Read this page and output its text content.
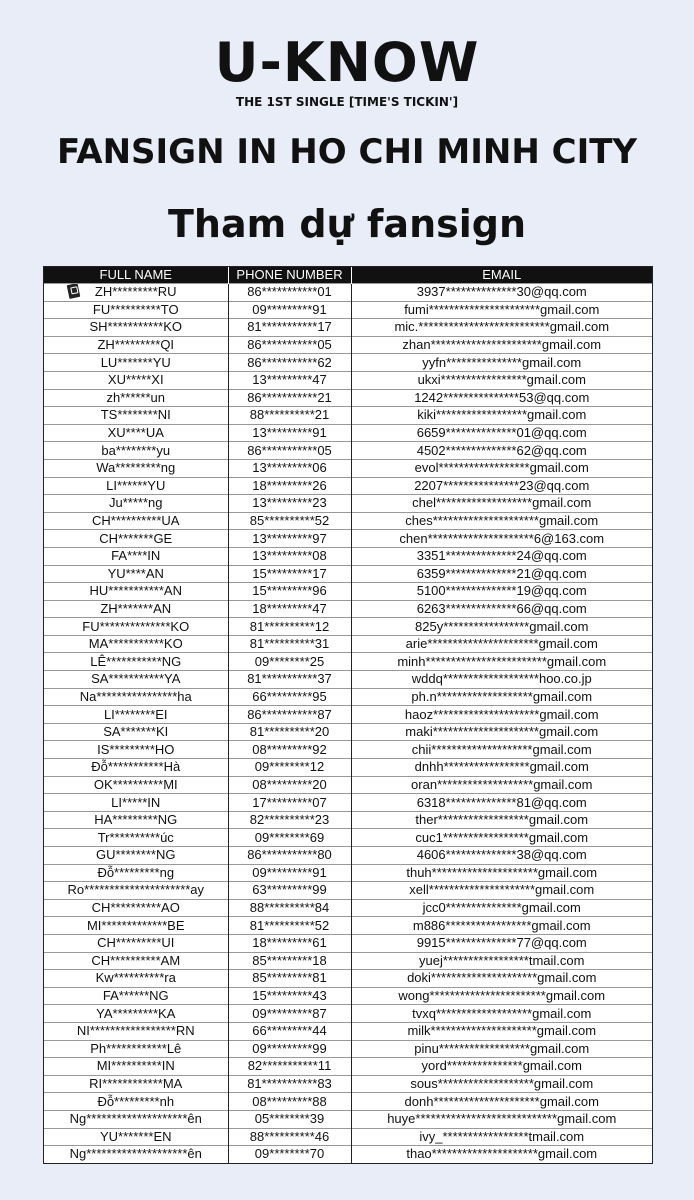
U-KNOW
THE 1ST SINGLE [TIME'S TICKIN']
FANSIGN IN HO CHI MINH CITY
Tham dự fansign
FULL NAME	PHONE NUMBER	EMAIL

ZH*********RU	86***********01	3937**************30@qq.com
FU**********TO	09*********91	fumi**********************gmail.com
SH***********KO	81***********17	mic.**************************gmail.com
ZH*********QI	86***********05	zhan**********************gmail.com
LU*******YU	86***********62	yyfn***************gmail.com
XU*****XI	13*********47	ukxi*****************gmail.com
zh******un	86***********21	1242***************53@qq.com
TS********NI	88**********21	kiki******************gmail.com
XU****UA	13*********91	6659**************01@qq.com
ba********yu	86***********05	4502**************62@qq.com
Wa*********ng	13*********06	evol******************gmail.com
LI******YU	18*********26	2207***************23@qq.com
Ju*****ng	13*********23	chel*******************gmail.com
CH**********UA	85**********52	ches*********************gmail.com
CH*******GE	13*********97	chen*********************6@163.com
FA****IN	13*********08	3351**************24@qq.com
YU****AN	15*********17	6359**************21@qq.com
HU***********AN	15*********96	5100**************19@qq.com
ZH*******AN	18*********47	6263**************66@qq.com
FU**************KO	81**********12	825y*****************gmail.com
MA***********KO	81**********31	arie**********************gmail.com
LÊ***********NG	09********25	minh************************gmail.com
SA***********YA	81***********37	wddq*******************hoo.co.jp
Na****************ha	66*********95	ph.n*******************gmail.com
LI********EI	86***********87	haoz*********************gmail.com
SA*******KI	81**********20	maki*********************gmail.com
IS*********HO	08*********92	chii********************gmail.com
Đỗ***********Hà	09********12	dnhh*****************gmail.com
OK**********MI	08*********20	oran*******************gmail.com
LI*****IN	17*********07	6318**************81@qq.com
HA*********NG	82**********23	ther******************gmail.com
Tr**********úc	09********69	cuc1*****************gmail.com
GU********NG	86***********80	4606**************38@qq.com
Đỗ*********ng	09*********91	thuh*********************gmail.com
Ro*********************ay	63*********99	xell*********************gmail.com
CH**********AO	88**********84	jcc0***************gmail.com
MI*************BE	81**********52	m886*****************gmail.com
CH*********UI	18*********61	9915**************77@qq.com
CH**********AM	85*********18	yuej*****************tmail.com
Kw**********ra	85*********81	doki*********************gmail.com
FA******NG	15*********43	wong***********************gmail.com
YA*********KA	09*********87	tvxq*******************gmail.com
NI*****************RN	66*********44	milk*********************gmail.com
Ph************Lê	09*********99	pinu******************gmail.com
MI**********IN	82***********11	yord***************gmail.com
RI************MA	81***********83	sous*******************gmail.com
Đỗ*********nh	08*********88	donh*********************gmail.com
Ng********************ên	05********39	huye****************************gmail.com
YU*******EN	88**********46	ivy_*****************tmail.com
Ng********************ên	09********70	thao*********************gmail.com
